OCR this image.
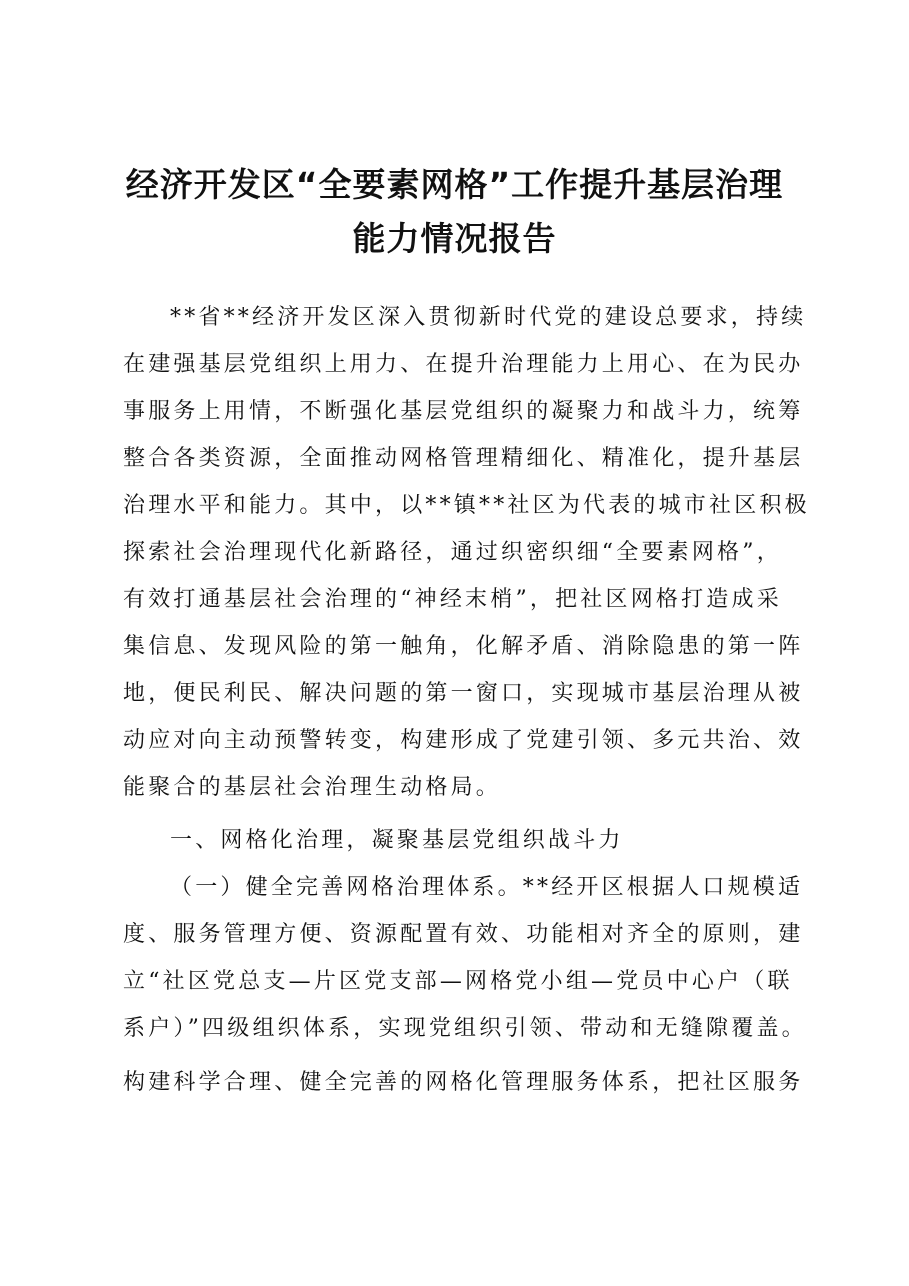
经济开发区“全要素网格”工作提升基层治理
能力情况报告
**省**经济开发区深入贯彻新时代党的建设总要求，持续
在建强基层党组织上用力、在提升治理能力上用心、在为民办
事服务上用情，不断强化基层党组织的凝聚力和战斗力，统筹
整合各类资源，全面推动网格管理精细化、精准化，提升基层
治理水平和能力。其中，以**镇**社区为代表的城市社区积极
探索社会治理现代化新路径，通过织密织细“全要素网格”，
有效打通基层社会治理的“神经末梢”，把社区网格打造成采
集信息、发现风险的第一触角，化解矛盾、消除隐患的第一阵
地，便民利民、解决问题的第一窗口，实现城市基层治理从被
动应对向主动预警转变，构建形成了党建引领、多元共治、效
能聚合的基层社会治理生动格局。
一、网格化治理，凝聚基层党组织战斗力
（一）健全完善网格治理体系。**经开区根据人口规模适
度、服务管理方便、资源配置有效、功能相对齐全的原则，建
立“社区党总支—片区党支部—网格党小组—党员中心户（联
系户）”四级组织体系，实现党组织引领、带动和无缝隙覆盖。
构建科学合理、健全完善的网格化管理服务体系，把社区服务
